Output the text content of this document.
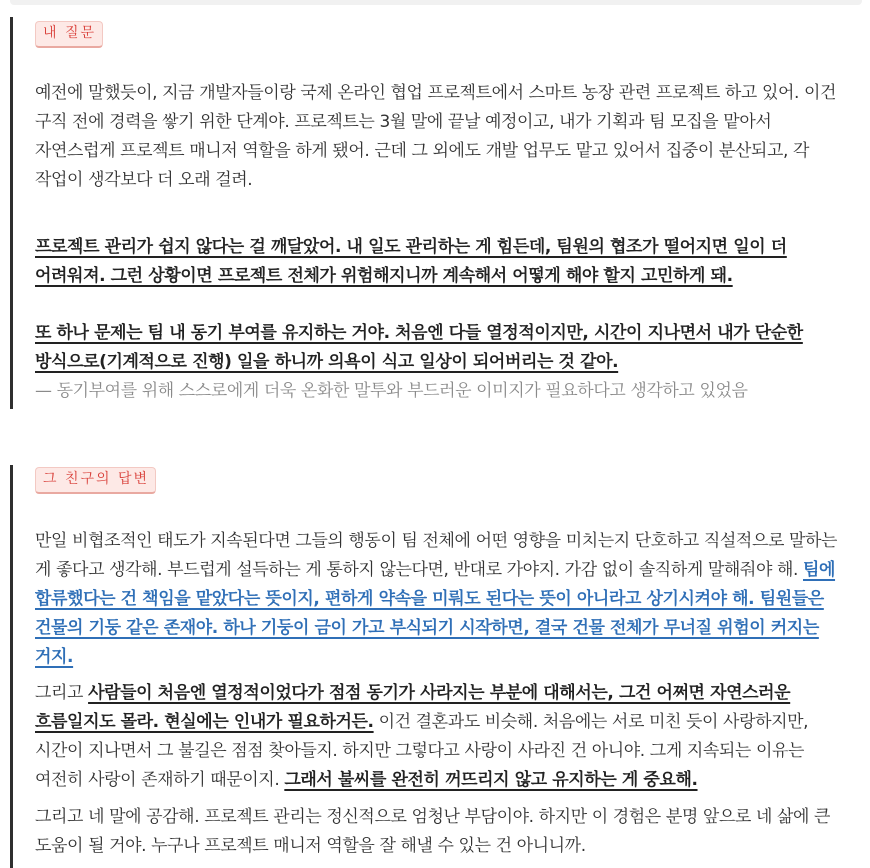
내 질문

예전에 말했듯이, 지금 개발자들이랑 국제 온라인 협업 프로젝트에서 스마트 농장 관련 프로젝트 하고 있어. 이건 구직 전에 경력을 쌓기 위한 단계야. 프로젝트는 3월 말에 끝날 예정이고, 내가 기획과 팀 모집을 맡아서 자연스럽게 프로젝트 매니저 역할을 하게 됐어. 근데 그 외에도 개발 업무도 맡고 있어서 집중이 분산되고, 각 작업이 생각보다 더 오래 걸려.

프로젝트 관리가 쉽지 않다는 걸 깨달았어. 내 일도 관리하는 게 힘든데, 팀원의 협조가 떨어지면 일이 더 어려워져. 그런 상황이면 프로젝트 전체가 위험해지니까 계속해서 어떻게 해야 할지 고민하게 돼.

또 하나 문제는 팀 내 동기 부여를 유지하는 거야. 처음엔 다들 열정적이지만, 시간이 지나면서 내가 단순한 방식으로(기계적으로 진행) 일을 하니까 의욕이 식고 일상이 되어버리는 것 같아.

— 동기부여를 위해 스스로에게 더욱 온화한 말투와 부드러운 이미지가 필요하다고 생각하고 있었음

그 친구의 답변

만일 비협조적인 태도가 지속된다면 그들의 행동이 팀 전체에 어떤 영향을 미치는지 단호하고 직설적으로 말하는 게 좋다고 생각해. 부드럽게 설득하는 게 통하지 않는다면, 반대로 가야지. 가감 없이 솔직하게 말해줘야 해. 팀에 합류했다는 건 책임을 맡았다는 뜻이지, 편하게 약속을 미뤄도 된다는 뜻이 아니라고 상기시켜야 해. 팀원들은 건물의 기둥 같은 존재야. 하나 기둥이 금이 가고 부식되기 시작하면, 결국 건물 전체가 무너질 위험이 커지는 거지.

그리고 사람들이 처음엔 열정적이었다가 점점 동기가 사라지는 부분에 대해서는, 그건 어쩌면 자연스러운 흐름일지도 몰라. 현실에는 인내가 필요하거든. 이건 결혼과도 비슷해. 처음에는 서로 미친 듯이 사랑하지만, 시간이 지나면서 그 불길은 점점 찾아들지. 하지만 그렇다고 사랑이 사라진 건 아니야. 그게 지속되는 이유는 여전히 사랑이 존재하기 때문이지. 그래서 불씨를 완전히 꺼뜨리지 않고 유지하는 게 중요해.

그리고 네 말에 공감해. 프로젝트 관리는 정신적으로 엄청난 부담이야. 하지만 이 경험은 분명 앞으로 네 삶에 큰 도움이 될 거야. 누구나 프로젝트 매니저 역할을 잘 해낼 수 있는 건 아니니까.
